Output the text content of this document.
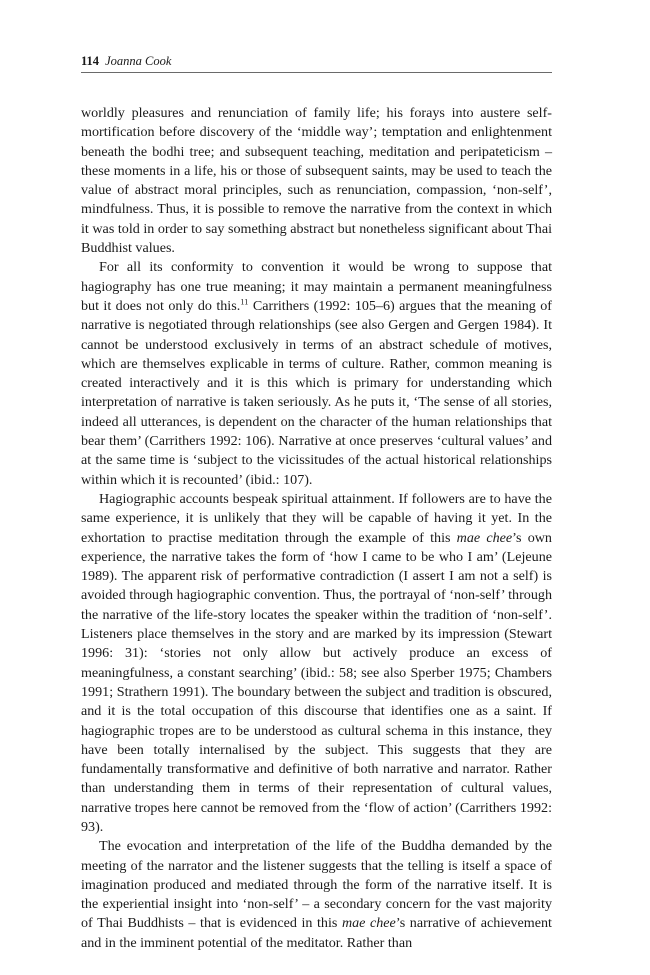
114 Joanna Cook

worldly pleasures and renunciation of family life; his forays into austere self-mortification before discovery of the ‘middle way’; temptation and enlightenment beneath the bodhi tree; and subsequent teaching, meditation and peripateticism – these moments in a life, his or those of subsequent saints, may be used to teach the value of abstract moral principles, such as renunciation, compassion, ‘non-self’, mindfulness. Thus, it is possible to remove the narrative from the context in which it was told in order to say something abstract but nonetheless significant about Thai Buddhist values.

For all its conformity to convention it would be wrong to suppose that hagiography has one true meaning; it may maintain a permanent meaningfulness but it does not only do this.$^{11}$ Carrithers (1992: 105–6) argues that the meaning of narrative is negotiated through relationships (see also Gergen and Gergen 1984). It cannot be understood exclusively in terms of an abstract schedule of motives, which are themselves explicable in terms of culture. Rather, common meaning is created interactively and it is this which is primary for understanding which interpretation of narrative is taken seriously. As he puts it, ‘The sense of all stories, indeed all utterances, is dependent on the character of the human relationships that bear them’ (Carrithers 1992: 106). Narrative at once preserves ‘cultural values’ and at the same time is ‘subject to the vicissitudes of the actual historical relationships within which it is recounted’ (ibid.: 107).

Hagiographic accounts bespeak spiritual attainment. If followers are to have the same experience, it is unlikely that they will be capable of having it yet. In the exhortation to practise meditation through the example of this mae chee’s own experience, the narrative takes the form of ‘how I came to be who I am’ (Lejeune 1989). The apparent risk of performative contradiction (I assert I am not a self) is avoided through hagiographic convention. Thus, the portrayal of ‘non-self’ through the narrative of the life-story locates the speaker within the tradition of ‘non-self’. Listeners place themselves in the story and are marked by its impression (Stewart 1996: 31): ‘stories not only allow but actively produce an excess of meaningfulness, a constant searching’ (ibid.: 58; see also Sperber 1975; Chambers 1991; Strathern 1991). The boundary between the subject and tradition is obscured, and it is the total occupation of this discourse that identifies one as a saint. If hagiographic tropes are to be understood as cultural schema in this instance, they have been totally internalised by the subject. This suggests that they are fundamentally transformative and definitive of both narrative and narrator. Rather than understanding them in terms of their representation of cultural values, narrative tropes here cannot be removed from the ‘flow of action’ (Carrithers 1992: 93).

The evocation and interpretation of the life of the Buddha demanded by the meeting of the narrator and the listener suggests that the telling is itself a space of imagination produced and mediated through the form of the narrative itself. It is the experiential insight into ‘non-self’ – a secondary concern for the vast majority of Thai Buddhists – that is evidenced in this mae chee’s narrative of achievement and in the imminent potential of the meditator. Rather than
